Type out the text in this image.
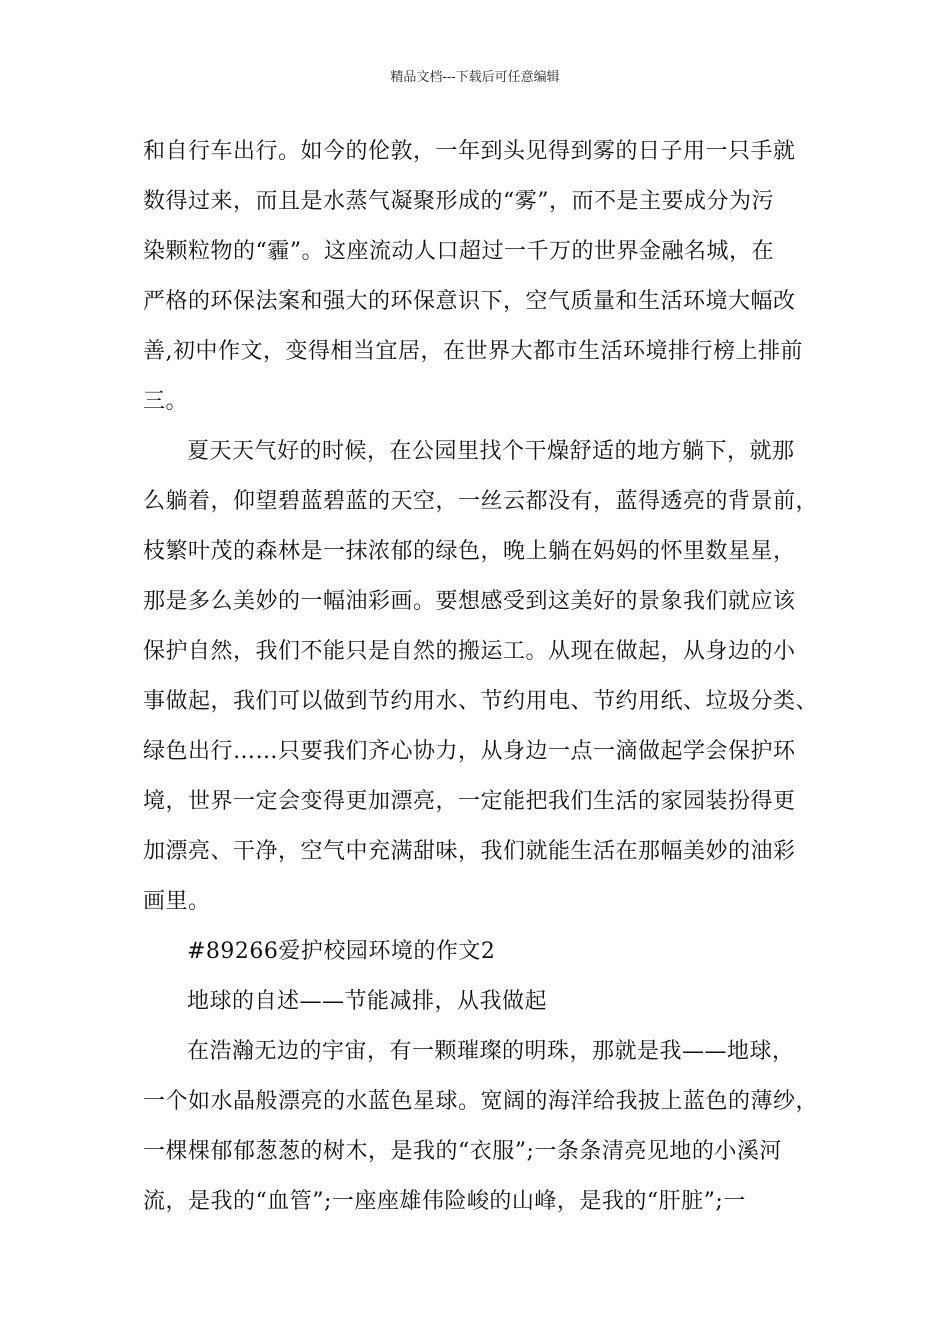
精品文档---下载后可任意编辑
和自行车出行。如今的伦敦，一年到头见得到雾的日子用一只手就
数得过来，而且是水蒸气凝聚形成的“雾”，而不是主要成分为污
染颗粒物的“霾”。这座流动人口超过一千万的世界金融名城，在
严格的环保法案和强大的环保意识下，空气质量和生活环境大幅改
善,初中作文，变得相当宜居，在世界大都市生活环境排行榜上排前
三。
夏天天气好的时候，在公园里找个干燥舒适的地方躺下，就那
么躺着，仰望碧蓝碧蓝的天空，一丝云都没有，蓝得透亮的背景前，
枝繁叶茂的森林是一抹浓郁的绿色，晚上躺在妈妈的怀里数星星，
那是多么美妙的一幅油彩画。要想感受到这美好的景象我们就应该
保护自然，我们不能只是自然的搬运工。从现在做起，从身边的小
事做起，我们可以做到节约用水、节约用电、节约用纸、垃圾分类、
绿色出行……只要我们齐心协力，从身边一点一滴做起学会保护环
境，世界一定会变得更加漂亮，一定能把我们生活的家园装扮得更
加漂亮、干净，空气中充满甜味，我们就能生活在那幅美妙的油彩
画里。
#89266爱护校园环境的作文2
地球的自述——节能减排，从我做起
在浩瀚无边的宇宙，有一颗璀璨的明珠，那就是我——地球，
一个如水晶般漂亮的水蓝色星球。宽阔的海洋给我披上蓝色的薄纱，
一棵棵郁郁葱葱的树木，是我的“衣服”;一条条清亮见地的小溪河
流，是我的“血管”;一座座雄伟险峻的山峰，是我的“肝脏”;一
